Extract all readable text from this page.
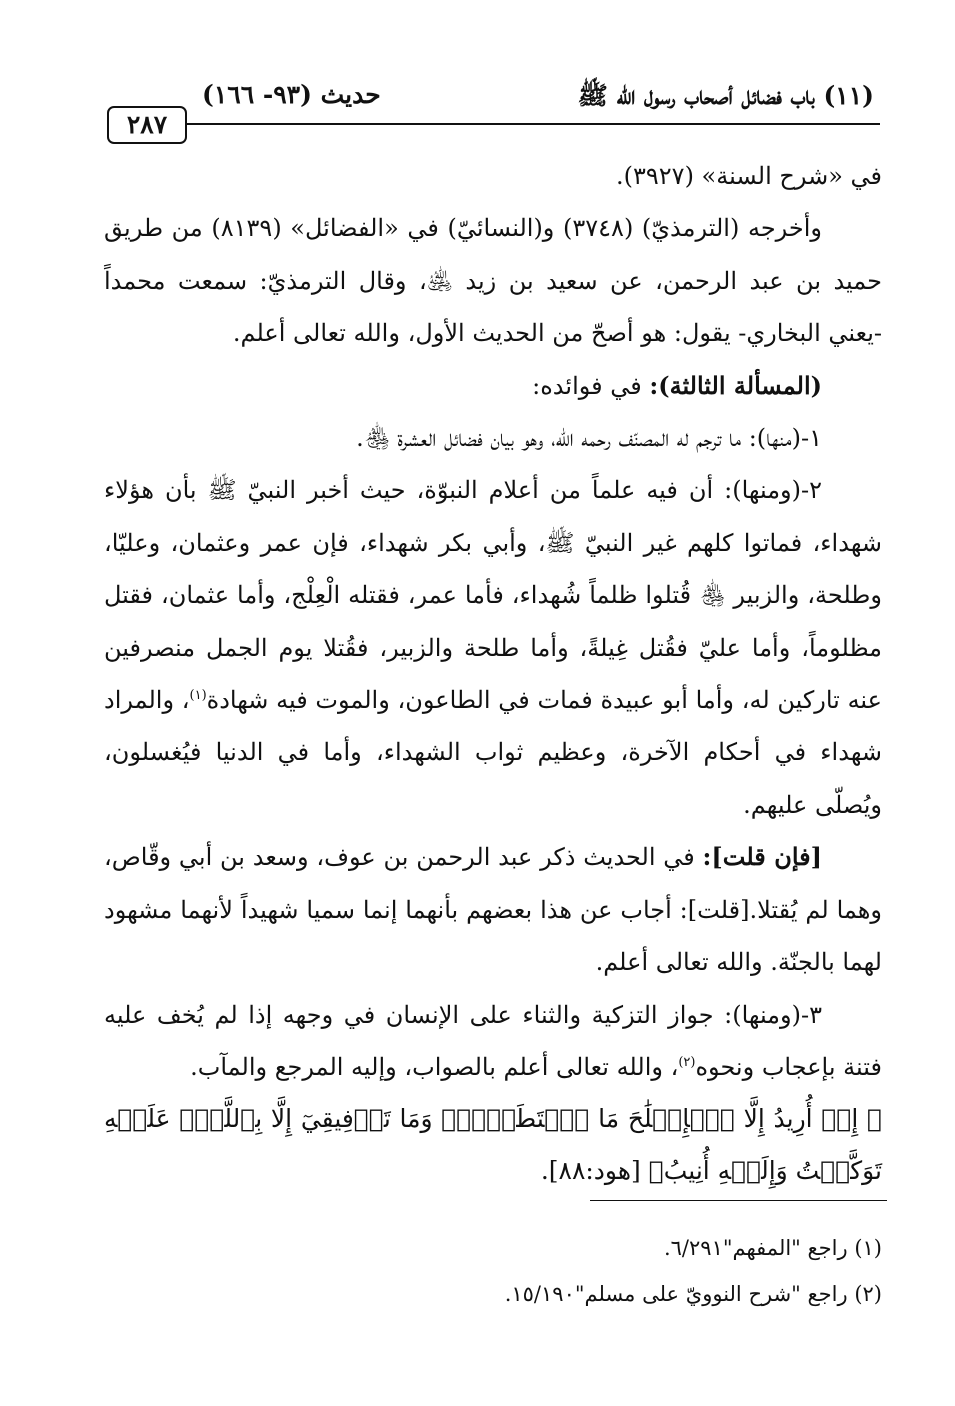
(١١) باب فضائل أصحاب رسول الله ﷺ
حديث (٩٣- ١٦٦)
٢٨٧

في «شرح السنة» (٣٩٢٧).

وأخرجه (الترمذيّ) (٣٧٤٨) و(النسائيّ) في «الفضائل» (٨١٣٩) من طريق حميد بن عبد الرحمن، عن سعيد بن زيد ﵁، وقال الترمذيّ: سمعت محمداً -يعني البخاري- يقول: هو أصحّ من الحديث الأول، والله تعالى أعلم.

(المسألة الثالثة): في فوائده:

١-(منها): ما ترجم له المصنّف رحمه الله، وهو بيان فضائل العشرة ﵃.

٢-(ومنها): أن فيه علماً من أعلام النبوّة، حيث أخبر النبيّ ﷺ بأن هؤلاء شهداء، فماتوا كلهم غير النبيّ ﷺ، وأبي بكر شهداء، فإن عمر وعثمان، وعليّا، وطلحة، والزبير ﵃ قُتلوا ظلماً شُهداء، فأما عمر، فقتله الْعِلْج، وأما عثمان، فقتل مظلوماً، وأما عليّ فقُتل غِيلةً، وأما طلحة والزبير، فقُتلا يوم الجمل منصرفين عنه تاركين له، وأما أبو عبيدة فمات في الطاعون، والموت فيه شهادة$^{(١)}$، والمراد شهداء في أحكام الآخرة، وعظيم ثواب الشهداء، وأما في الدنيا فيُغسلون، ويُصلّى عليهم.

[فإن قلت]: في الحديث ذكر عبد الرحمن بن عوف، وسعد بن أبي وقّاص، وهما لم يُقتلا.[قلت]: أجاب عن هذا بعضهم بأنهما إنما سميا شهيداً لأنهما مشهود لهما بالجنّة. والله تعالى أعلم.

٣-(ومنها): جواز التزكية والثناء على الإنسان في وجهه إذا لم يُخف عليه فتنة بإعجاب ونحوه$^{(٢)}$، والله تعالى أعلم بالصواب، وإليه المرجع والمآب.

﴿ إِنۡ أُرِيدُ إِلَّا ٱلۡإِصۡلَٰحَ مَا ٱسۡتَطَعۡتُۚ وَمَا تَوۡفِيقِيٓ إِلَّا بِٱللَّهِۚ عَلَيۡهِ تَوَكَّلۡتُ وَإِلَيۡهِ أُنِيبُ﴾ [هود:٨٨].

(١) راجع "المفهم"٦/٢٩١.

(٢) راجع "شرح النوويّ على مسلم"١٥/١٩٠.
